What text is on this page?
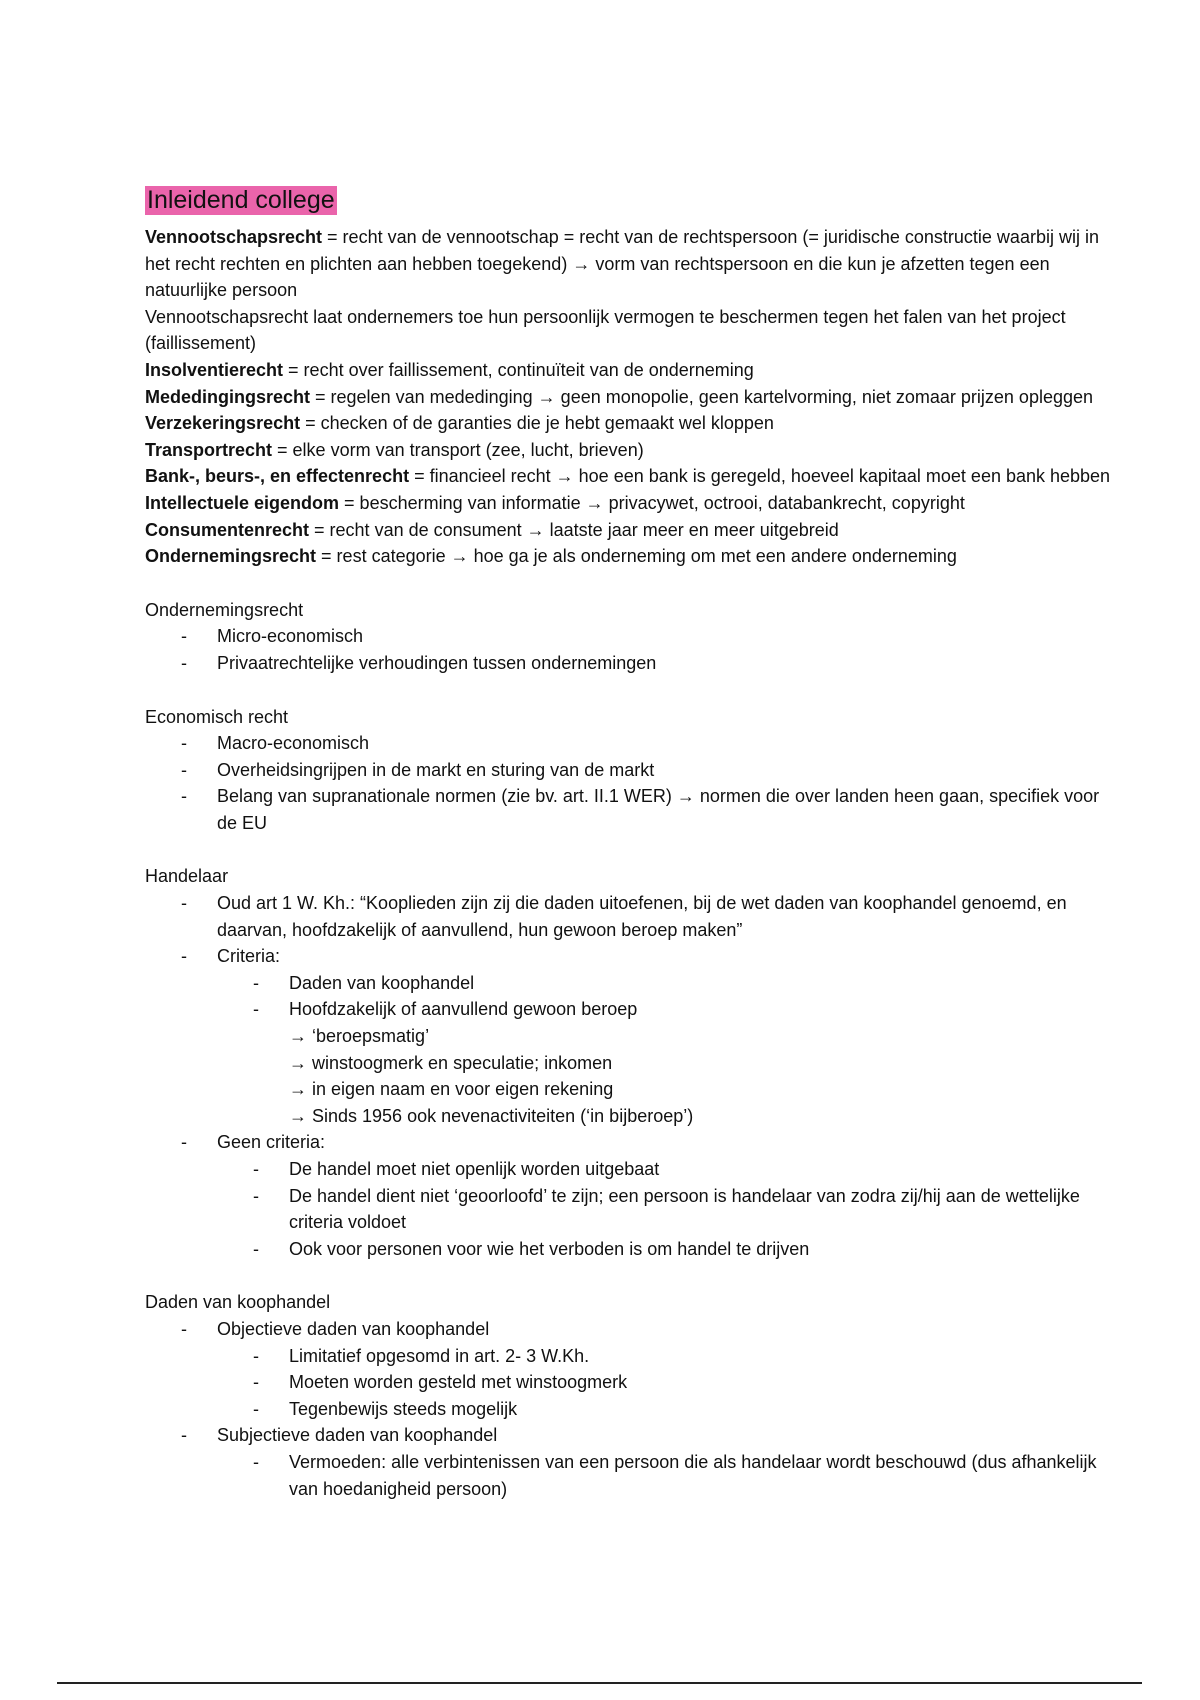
Inleidend college
Vennootschapsrecht = recht van de vennootschap = recht van de rechtspersoon (= juridische constructie waarbij wij in het recht rechten en plichten aan hebben toegekend) → vorm van rechtspersoon en die kun je afzetten tegen een natuurlijke persoon
Vennootschapsrecht laat ondernemers toe hun persoonlijk vermogen te beschermen tegen het falen van het project (faillissement)
Insolventierecht = recht over faillissement, continuïteit van de onderneming
Mededingingsrecht = regelen van mededinging → geen monopolie, geen kartelvorming, niet zomaar prijzen opleggen
Verzekeringsrecht = checken of de garanties die je hebt gemaakt wel kloppen
Transportrecht = elke vorm van transport (zee, lucht, brieven)
Bank-, beurs-, en effectenrecht = financieel recht → hoe een bank is geregeld, hoeveel kapitaal moet een bank hebben
Intellectuele eigendom = bescherming van informatie → privacywet, octrooi, databankrecht, copyright
Consumentenrecht = recht van de consument → laatste jaar meer en meer uitgebreid
Ondernemingsrecht = rest categorie → hoe ga je als onderneming om met een andere onderneming
Ondernemingsrecht
- Micro-economisch
- Privaatrechtelijke verhoudingen tussen ondernemingen
Economisch recht
- Macro-economisch
- Overheidsingrijpen in de markt en sturing van de markt
- Belang van supranationale normen (zie bv. art. II.1 WER) → normen die over landen heen gaan, specifiek voor de EU
Handelaar
- Oud art 1 W. Kh.: “Kooplieden zijn zij die daden uitoefenen, bij de wet daden van koophandel genoemd, en daarvan, hoofdzakelijk of aanvullend, hun gewoon beroep maken”
- Criteria:
- Daden van koophandel
- Hoofdzakelijk of aanvullend gewoon beroep
→ ‘beroepsmatig’
→ winstoogmerk en speculatie; inkomen
→ in eigen naam en voor eigen rekening
→ Sinds 1956 ook nevenactiviteiten (‘in bijberoep’)
- Geen criteria:
- De handel moet niet openlijk worden uitgebaat
- De handel dient niet ‘geoorloofd’ te zijn; een persoon is handelaar van zodra zij/hij aan de wettelijke criteria voldoet
- Ook voor personen voor wie het verboden is om handel te drijven
Daden van koophandel
- Objectieve daden van koophandel
- Limitatief opgesomd in art. 2- 3 W.Kh.
- Moeten worden gesteld met winstoogmerk
- Tegenbewijs steeds mogelijk
- Subjectieve daden van koophandel
- Vermoeden: alle verbintenissen van een persoon die als handelaar wordt beschouwd (dus afhankelijk van hoedanigheid persoon)
